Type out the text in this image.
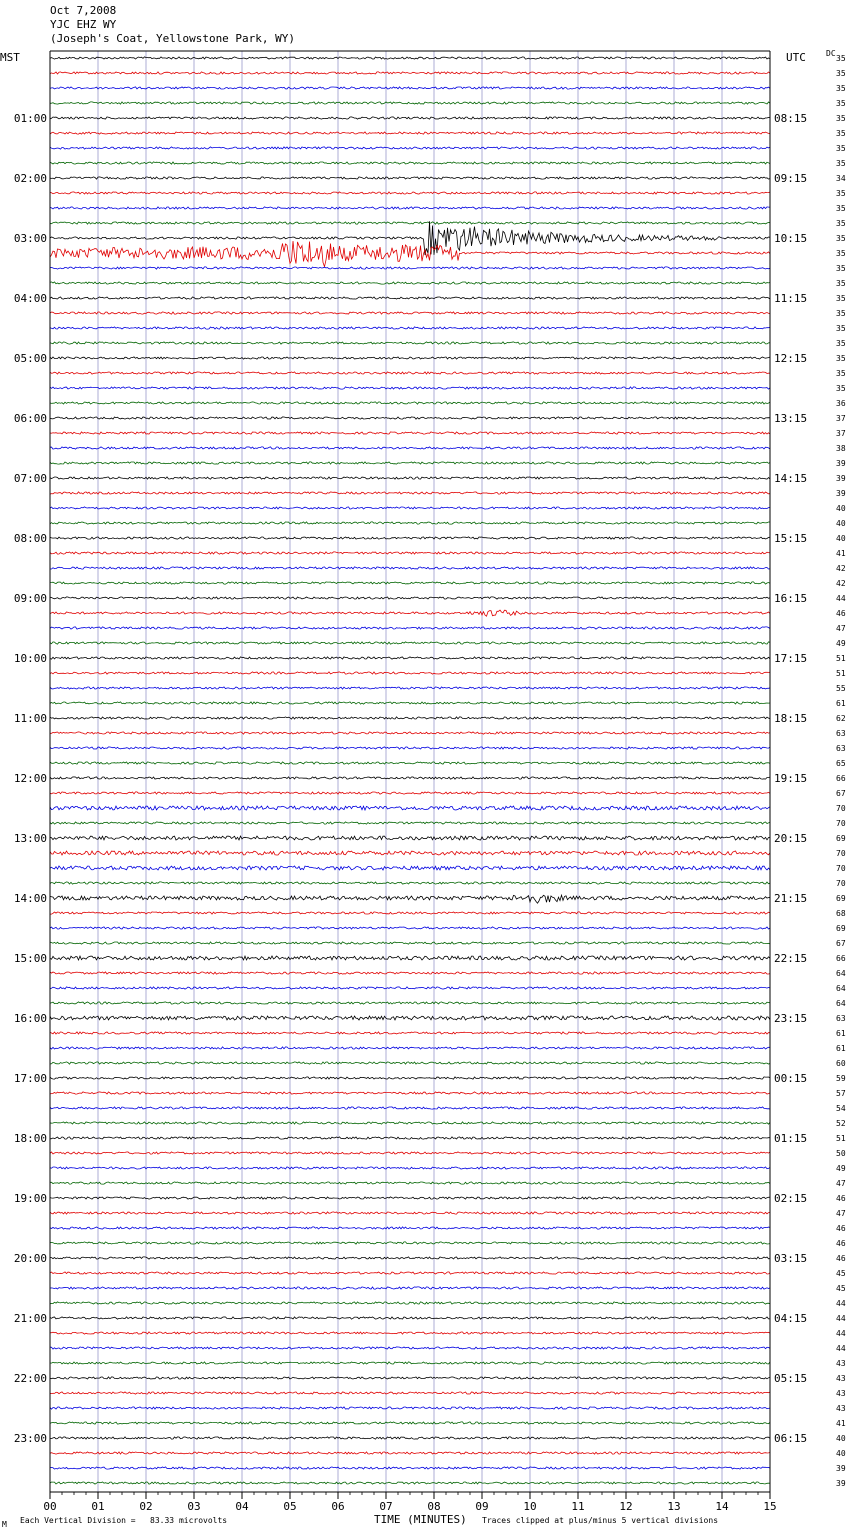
Oct 7,2008
YJC EHZ WY
(Joseph's Coat, Yellowstone Park, WY)
MST	UTC	DC
00	01	02	03	04	05	06	07	08	09	10	11	12	13	14	15
01:00
02:00
03:00
04:00
05:00
06:00
07:00
08:00
09:00
10:00
11:00
12:00
13:00
14:00
15:00
16:00
17:00
18:00
19:00
20:00
21:00
22:00
23:00
08:15
09:15
10:15
11:15
12:15
13:15
14:15
15:15
16:15
17:15
18:15
19:15
20:15
21:15
22:15
23:15
00:15
01:15
02:15
03:15
04:15
05:15
06:15
35
35
35
35
35
35
35
35
34
35
35
35
35
35
35
35
35
35
35
35
35
35
35
36
37
37
38
39
39
39
40
40
40
41
42
42
44
46
47
49
51
51
55
61
62
63
63
65
66
67
70
70
69
70
70
70
69
68
69
67
66
64
64
64
63
61
61
60
59
57
54
52
51
50
49
47
46
47
46
46
46
45
45
44
44
44
44
43
43
43
43
41
40
40
39
39
M Each Vertical Division =   83.33 microvolts	TIME (MINUTES) Traces clipped at plus/minus 5 vertical divisions
